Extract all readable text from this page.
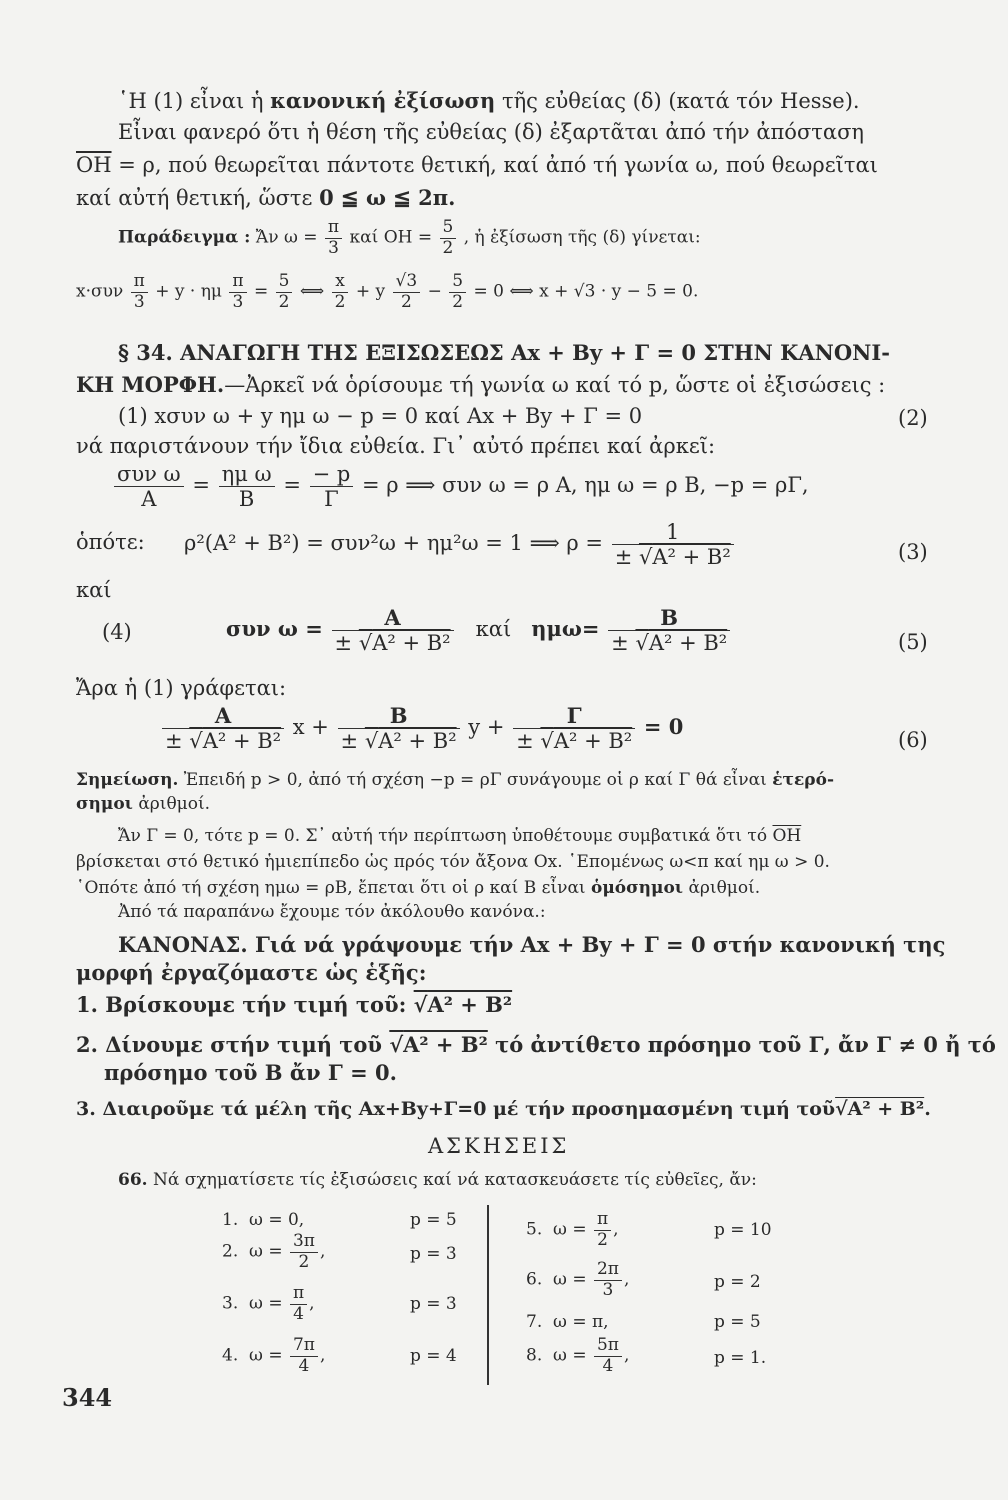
῾Η (1) εἶναι ἡ κανονική ἐξίσωση τῆς εὐθείας (δ) (κατά τόν Hesse).
Εἶναι φανερό ὅτι ἡ θέση τῆς εὐθείας (δ) ἐξαρτᾶται ἀπό τήν ἀπόσταση
$\overline{OH} = \rho$, πού θεωρεῖται πάντοτε θετική, καί ἀπό τή γωνία ω, πού θεωρεῖται
καί αὐτή θετική, ὥστε 0 ≦ ω ≦ 2π.
Παράδειγμα : Ἄν $\omega = \frac{\pi}{3}$ καί $OH = \frac{5}{2}$ , ἡ ἐξίσωση τῆς (δ) γίνεται:
$x\cdot\sigma\upsilon\nu \frac{\pi}{3} + y \cdot \eta\mu \frac{\pi}{3} = \frac{5}{2}$ ⟺ $\frac{x}{2} + y \frac{√3}{2} - \frac{5}{2} = 0$ ⟺ x + √3 · y − 5 = 0.
§ 34. ΑΝΑΓΩΓΗ ΤΗΣ ΕΞΙΣΩΣΕΩΣ Αx + By + Γ = 0 ΣΤΗΝ ΚΑΝΟΝΙ-
ΚΗ ΜΟΡΦΗ.—Ἀρκεῖ νά ὁρίσουμε τή γωνία ω καί τό p, ὥστε οἱ ἐξισώσεις :
(1) xσυν ω + y ημ ω − p = 0 καί Ax + By + Γ = 0	(2)
νά παριστάνουν τήν ἴδια εὐθεία. Γι᾽ αὐτό πρέπει καί ἀρκεῖ:
$\frac{\text{συν ω}}{A} = \frac{\text{ημ ω}}{B} = \frac{- p}{\Gamma} = \rho$ ⟹ συν ω = ρ Α, ημ ω = ρ Β, −p = ρΓ,
ὁπότε: ρ²(Α² + Β²) = συν²ω + ημ²ω = 1 ⟹ $\rho = \frac{1}{\text{± √ A² + B²}}$	(3)
καί
(4)	συν $\omega = \frac{A}{\text{± √ A² + B²}}$ καί $\eta\mu\omega= \frac{B}{\text{± √ A² + B²}}$	(5)
Ἄρα ἡ (1) γράφεται:
$\frac{A}{\text{± √ A² + B²}}$ $x + \frac{B}{\text{± √ A² + B²}}$ $y + \frac{\Gamma}{\text{± √ A² + B²}} = 0$
(6)
Σημείωση. Ἐπειδή p > 0, ἀπό τή σχέση −p = ρΓ συνάγουμε οἱ ρ καί Γ θά εἶναι ἑτερό-
σημοι ἀριθμοί.
Ἄν Γ = 0, τότε p = 0. Σ᾽ αὐτή τήν περίπτωση ὑποθέτουμε συμβατικά ὅτι τό $\overline{OH}$
βρίσκεται στό θετικό ἡμιεπίπεδο ὡς πρός τόν ἄξονα Οx. ῾Επομένως ω<π καί ημ ω > 0.
῾Οπότε ἀπό τή σχέση ημω = ρΒ, ἔπεται ὅτι οἱ ρ καί Β εἶναι ὁμόσημοι ἀριθμοί.
Ἀπό τά παραπάνω ἔχουμε τόν ἀκόλουθο κανόνα.:
ΚΑΝΟΝΑΣ. Γιά νά γράψουμε τήν Ax + By + Γ = 0 στήν κανονική της
μορφή ἐργαζόμαστε ὡς ἑξῆς:
1. Βρίσκουμε τήν τιμή τοῦ: √ A² + B²
2. Δίνουμε στήν τιμή τοῦ √ A² + B² τό ἀντίθετο πρόσημο τοῦ Γ, ἄν Γ ≠ 0 ἤ τό
πρόσημο τοῦ Β ἄν Γ = 0.
3. Διαιροῦμε τά μέλη τῆς Ax+By+Γ=0 μέ τήν προσημασμένη τιμή τοῦ √ A² + B².
ΑΣΚΗΣΕΙΣ
66. Νά σχηματίσετε τίς ἐξισώσεις καί νά κατασκευάσετε τίς εὐθεῖες, ἄν:
1. ω = 0,	p = 5
2. $\omega = \frac{3\pi}{2}$ ,	p = 3
3. $\omega = \frac{\pi}{4}$ ,	p = 3
4. $\omega = \frac{7\pi}{4}$ ,	p = 4
5. $\omega = \frac{\pi}{2}$ ,	p = 10
6. $\omega = \frac{2\pi}{3}$ ,	p = 2
7. ω = π,	p = 5
8. $\omega = \frac{5\pi}{4}$ ,	p = 1.
344
